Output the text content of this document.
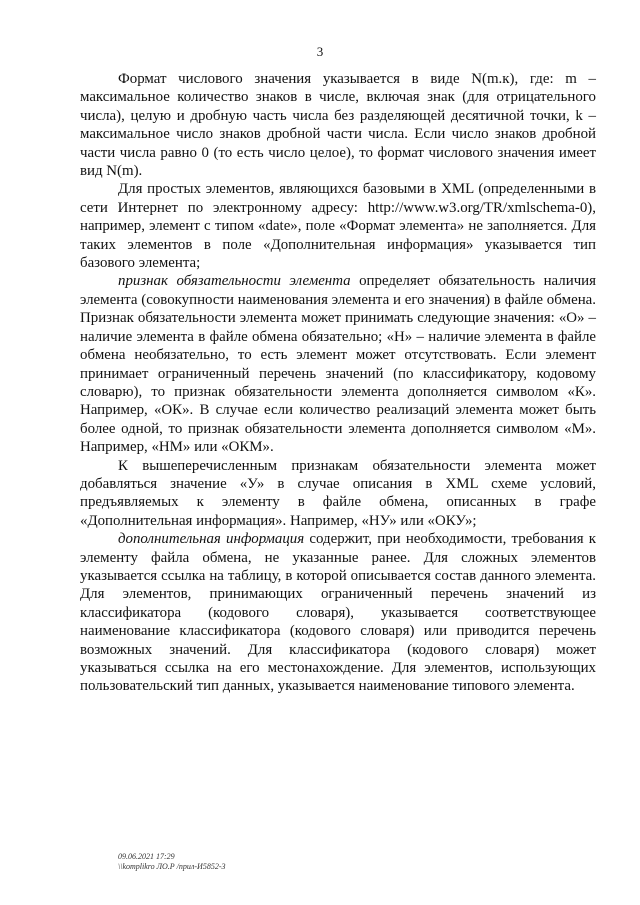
3

Формат числового значения указывается в виде N(m.к), где: m – максимальное количество знаков в числе, включая знак (для отрицательного числа), целую и дробную часть числа без разделяющей десятичной точки, k – максимальное число знаков дробной части числа. Если число знаков дробной части числа равно 0 (то есть число целое), то формат числового значения имеет вид N(m).

Для простых элементов, являющихся базовыми в XML (определенными в сети Интернет по электронному адресу: http://www.w3.org/TR/xmlschema-0), например, элемент с типом «date», поле «Формат элемента» не заполняется. Для таких элементов в поле «Дополнительная информация» указывается тип базового элемента;

признак обязательности элемента определяет обязательность наличия элемента (совокупности наименования элемента и его значения) в файле обмена. Признак обязательности элемента может принимать следующие значения: «О» – наличие элемента в файле обмена обязательно; «Н» – наличие элемента в файле обмена необязательно, то есть элемент может отсутствовать. Если элемент принимает ограниченный перечень значений (по классификатору, кодовому словарю), то признак обязательности элемента дополняется символом «К». Например, «ОК». В случае если количество реализаций элемента может быть более одной, то признак обязательности элемента дополняется символом «М». Например, «НМ» или «ОКМ».

К вышеперечисленным признакам обязательности элемента может добавляться значение «У» в случае описания в XML схеме условий, предъявляемых к элементу в файле обмена, описанных в графе «Дополнительная информация». Например, «НУ» или «ОКУ»;

дополнительная информация содержит, при необходимости, требования к элементу файла обмена, не указанные ранее. Для сложных элементов указывается ссылка на таблицу, в которой описывается состав данного элемента. Для элементов, принимающих ограниченный перечень значений из классификатора (кодового словаря), указывается соответствующее наименование классификатора (кодового словаря) или приводится перечень возможных значений. Для классификатора (кодового словаря) может указываться ссылка на его местонахождение. Для элементов, использующих пользовательский тип данных, указывается наименование типового элемента.

09.06.2021 17:29
\\komplikro ЛО.Р /прил-И5852-3
